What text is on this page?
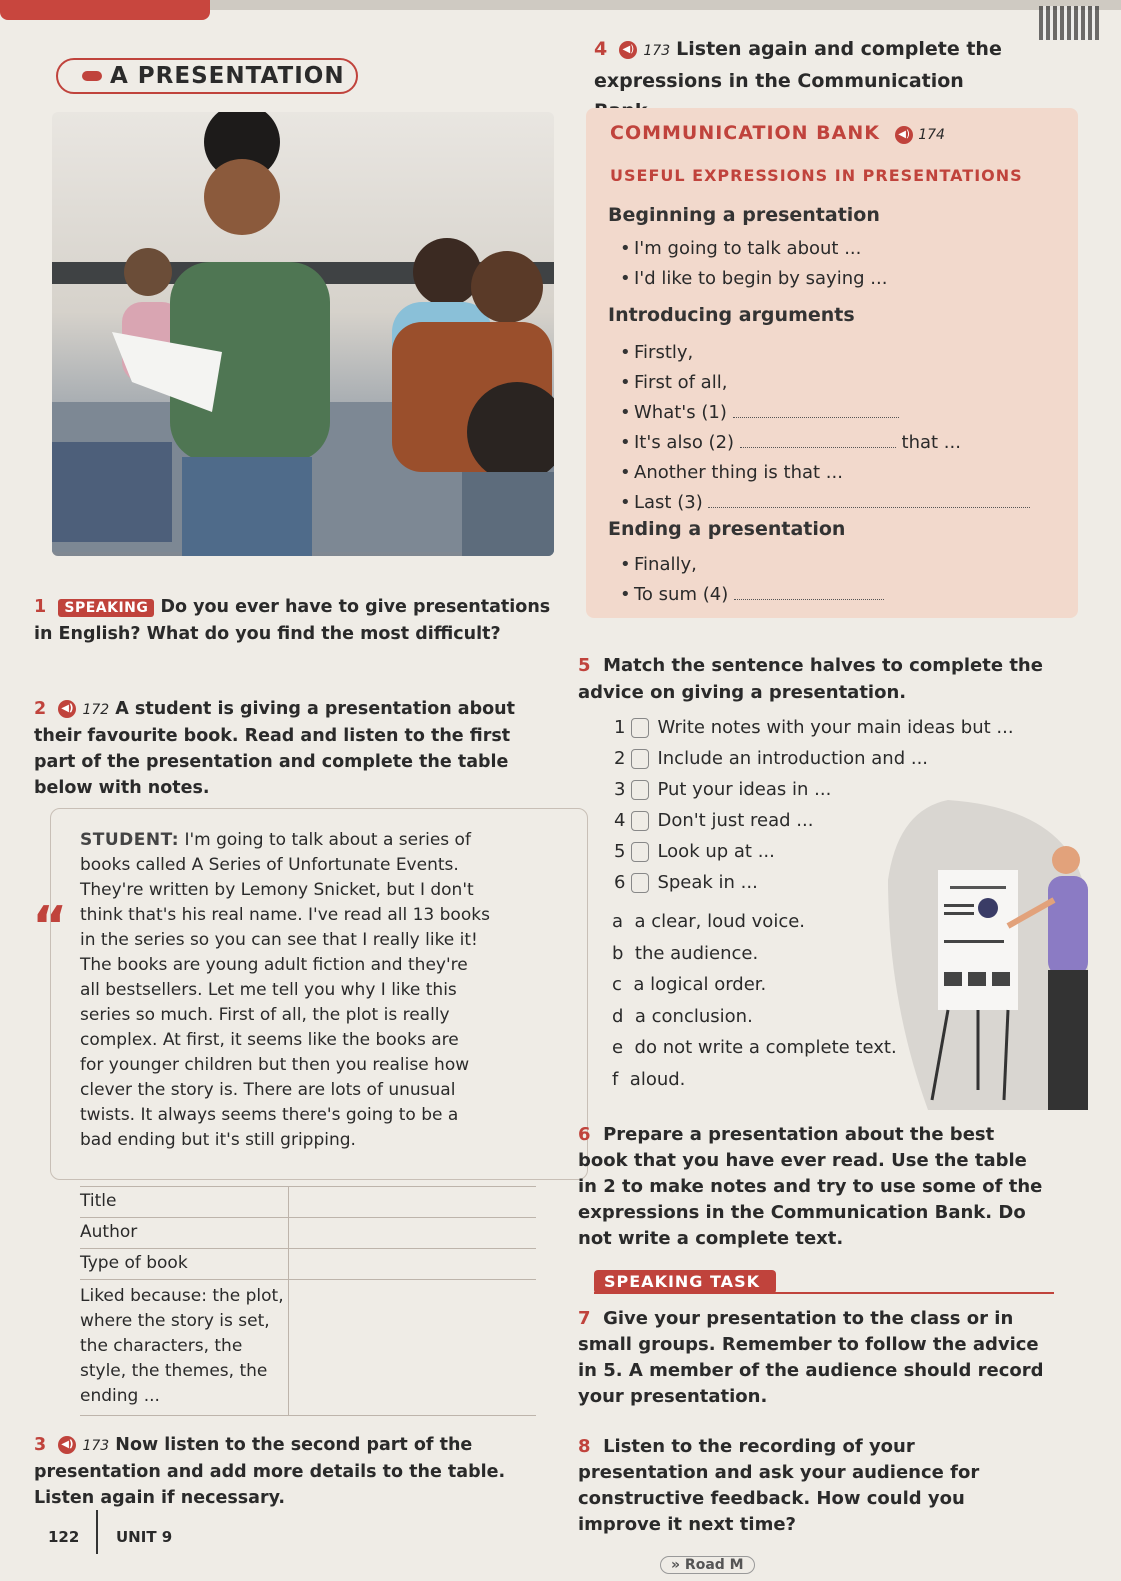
A PRESENTATION
4 ◀) 173 Listen again and complete the expressions in the Communication
COMMUNICATION BANK ◀) 174
USEFUL EXPRESSIONS IN PRESENTATIONS
Beginning a presentation
• I'm going to talk about ...
• I'd like to begin by saying ...
Introducing arguments
• Firstly,
• First of all,
• What's (1)
• It's also (2)	that ...
• Another thing is that ...
• Last (3)
Ending a presentation
• Finally,
• To sum (4)
1 SPEAKING Do you ever have to give presentations in English? What do you find the most difficult?
2 ◀) 172 A student is giving a presentation about their favourite book. Read and listen to the first part of the presentation and complete the table below with notes.
“
STUDENT: I'm going to talk about a series of
books called A Series of Unfortunate Events.
They're written by Lemony Snicket, but I don't
think that's his real name. I've read all 13 books
in the series so you can see that I really like it!
The books are young adult fiction and they're
all bestsellers. Let me tell you why I like this
series so much. First of all, the plot is really
complex. At first, it seems like the books are
for younger children but then you realise how
clever the story is. There are lots of unusual
twists. It always seems there's going to be a
bad ending but it's still gripping.
Title	
Author	
Type of book	
Liked because: the plot, where the story is set, the characters, the style, the themes, the ending ...	
3 ◀) 173 Now listen to the second part of the presentation and add more details to the table. Listen again if necessary.
5 Match the sentence halves to complete the advice on giving a presentation.
1 Write notes with your main ideas but ...
2 Include an introduction and ...
3 Put your ideas in ...
4 Don't just read ...
5 Look up at ...
6 Speak in ...
a a clear, loud voice.
b the audience.
c a logical order.
d a conclusion.
e do not write a complete text.
f aloud.
6 Prepare a presentation about the best book that you have ever read. Use the table in 2 to make notes and try to use some of the expressions in the Communication Bank. Do not write a complete text.
SPEAKING TASK
7 Give your presentation to the class or in small groups. Remember to follow the advice in 5. A member of the audience should record your presentation.
8 Listen to the recording of your presentation and ask your audience for constructive feedback. How could you improve it next time?
122 UNIT 9
» Road M
